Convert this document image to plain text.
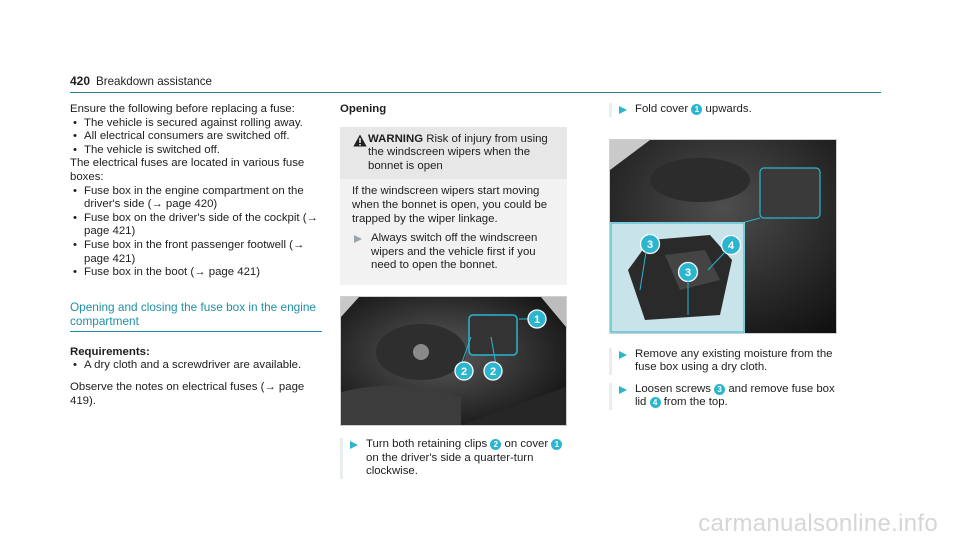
420 Breakdown assistance

Ensure the following before replacing a fuse:

• The vehicle is secured against rolling away.
• All electrical consumers are switched off.
• The vehicle is switched off.

The electrical fuses are located in various fuse boxes:

• Fuse box in the engine compartment on the driver's side (→ page 420)
• Fuse box on the driver's side of the cockpit (→ page 421)
• Fuse box in the front passenger footwell (→ page 421)
• Fuse box in the boot (→ page 421)
Opening and closing the fuse box in the engine compartment

Requirements:

• A dry cloth and a screwdriver are available.

Observe the notes on electrical fuses (→ page 419).

Opening

WARNING Risk of injury from using the windscreen wipers when the bonnet is open

If the windscreen wipers start moving when the bonnet is open, you could be trapped by the wiper linkage.

Always switch off the windscreen wipers and the vehicle first if you need to open the bonnet.
1
2 2
Turn both retaining clips 2 on cover 1 on the driver's side a quarter-turn clockwise.
Fold cover 1 upwards.
3
3
4
Remove any existing moisture from the fuse box using a dry cloth.
Loosen screws 3 and remove fuse box lid 4 from the top.
carmanualsonline.info
